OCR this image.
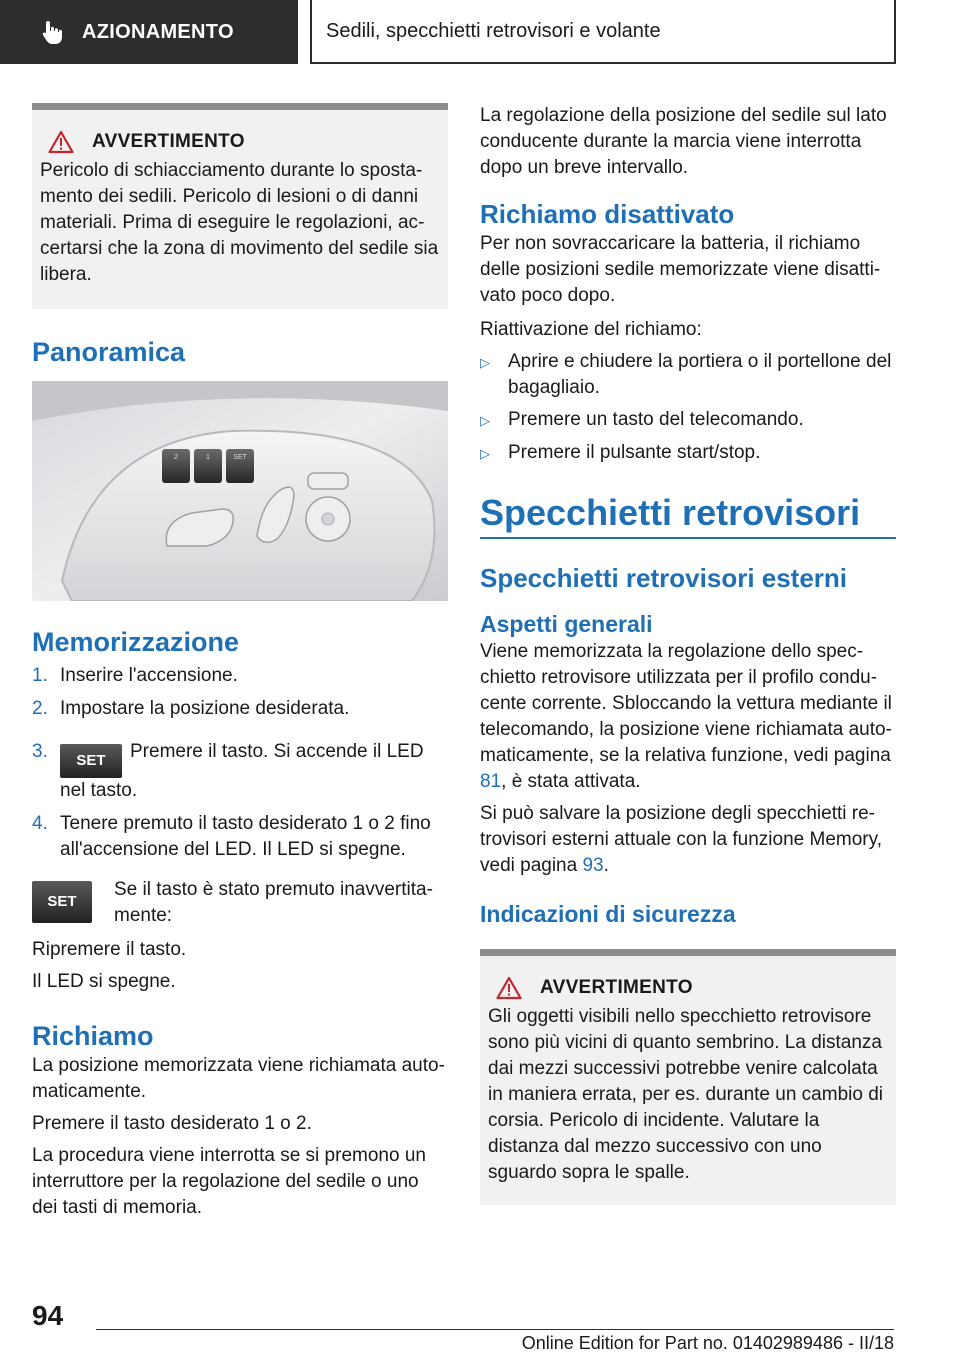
AZIONAMENTO	Sedili, specchietti retrovisori e volante
AVVERTIMENTO

Pericolo di schiacciamento durante lo spostamento dei sedili. Pericolo di lesioni o di danni materiali. Prima di eseguire le regolazioni, accertarsi che la zona di movimento del sedile sia libera.

Panoramica
2	1	SET
Memorizzazione
1. Inserire l'accensione.
2. Impostare la posizione desiderata.
3.	SET Premere il tasto. Si accende il LED nel tasto.
4. Tenere premuto il tasto desiderato 1 o 2 fino all'accensione del LED. Il LED si spegne.
SET

Se il tasto è stato premuto inavvertitamente:

Ripremere il tasto.

Il LED si spegne.

Richiamo

La posizione memorizzata viene richiamata automaticamente.

Premere il tasto desiderato 1 o 2.

La procedura viene interrotta se si premono un interruttore per la regolazione del sedile o uno dei tasti di memoria.

La regolazione della posizione del sedile sul lato conducente durante la marcia viene interrotta dopo un breve intervallo.

Richiamo disattivato

Per non sovraccaricare la batteria, il richiamo delle posizioni sedile memorizzate viene disattivato poco dopo.

Riattivazione del richiamo:

▷ Aprire e chiudere la portiera o il portellone del bagagliaio.
▷ Premere un tasto del telecomando.
▷ Premere il pulsante start/stop.
Specchietti retrovisori
Specchietti retrovisori esterni
Aspetti generali

Viene memorizzata la regolazione dello specchietto retrovisore utilizzata per il profilo conducente corrente. Sbloccando la vettura mediante il telecomando, la posizione viene richiamata automaticamente, se la relativa funzione, vedi pagina 81, è stata attivata.

Si può salvare la posizione degli specchietti retrovisori esterni attuale con la funzione Memory, vedi pagina 93.

Indicazioni di sicurezza
AVVERTIMENTO

Gli oggetti visibili nello specchietto retrovisore sono più vicini di quanto sembrino. La distanza dai mezzi successivi potrebbe venire calcolata in maniera errata, per es. durante un cambio di corsia. Pericolo di incidente. Valutare la distanza dal mezzo successivo con uno sguardo sopra le spalle.

94
Online Edition for Part no. 01402989486 - II/18
